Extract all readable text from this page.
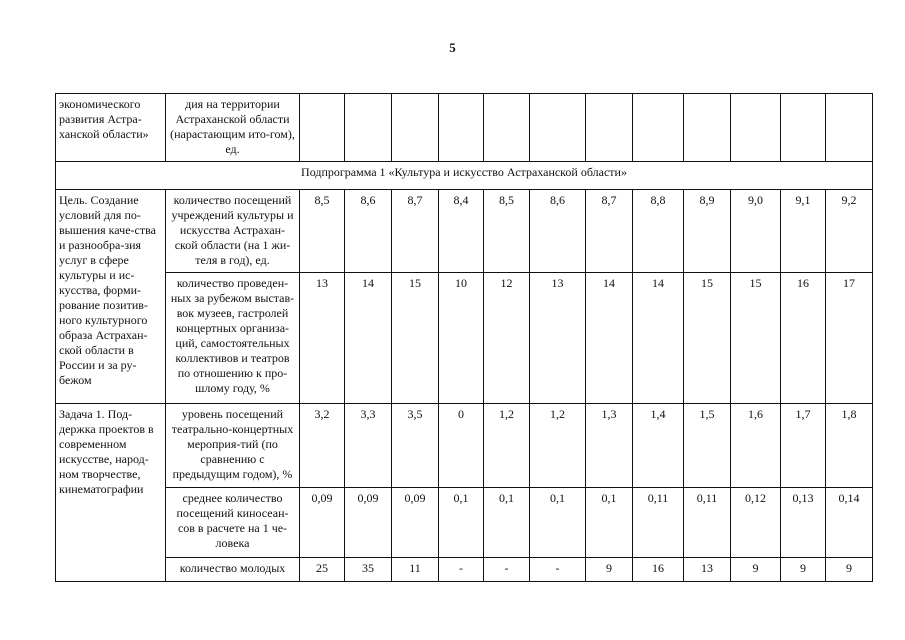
5
экономического развития Астра-ханской области»	дия на территории Астраханской области (нарастающим ито-гом), ед.												
Подпрограмма 1 «Культура и искусство Астраханской области»													
Цель. Создание условий для по-вышения каче-ства и разнообра-зия услуг в сфере культуры и ис-кусства, форми-рование позитив-ного культурного образа Астрахан-ской области в России и за ру-бежом	количество посещений учреждений культуры и искусства Астрахан-ской области (на 1 жи-теля в год), ед.	8,5	8,6	8,7	8,4	8,5	8,6	8,7	8,8	8,9	9,0	9,1	9,2
	количество проведен-ных за рубежом выстав-вок музеев, гастролей концертных организа-ций, самостоятельных коллективов и театров по отношению к про-шлому году, %	13	14	15	10	12	13	14	14	15	15	16	17
Задача 1. Под-держка проектов в современном искусстве, народ-ном творчестве, кинематографии	уровень посещений театрально-концертных мероприя-тий (по сравнению с предыдущим годом), %	3,2	3,3	3,5	0	1,2	1,2	1,3	1,4	1,5	1,6	1,7	1,8
	среднее количество посещений киносеан-сов в расчете на 1 че-ловека	0,09	0,09	0,09	0,1	0,1	0,1	0,1	0,11	0,11	0,12	0,13	0,14
	количество молодых	25	35	11	-	-	-	9	16	13	9	9	9
